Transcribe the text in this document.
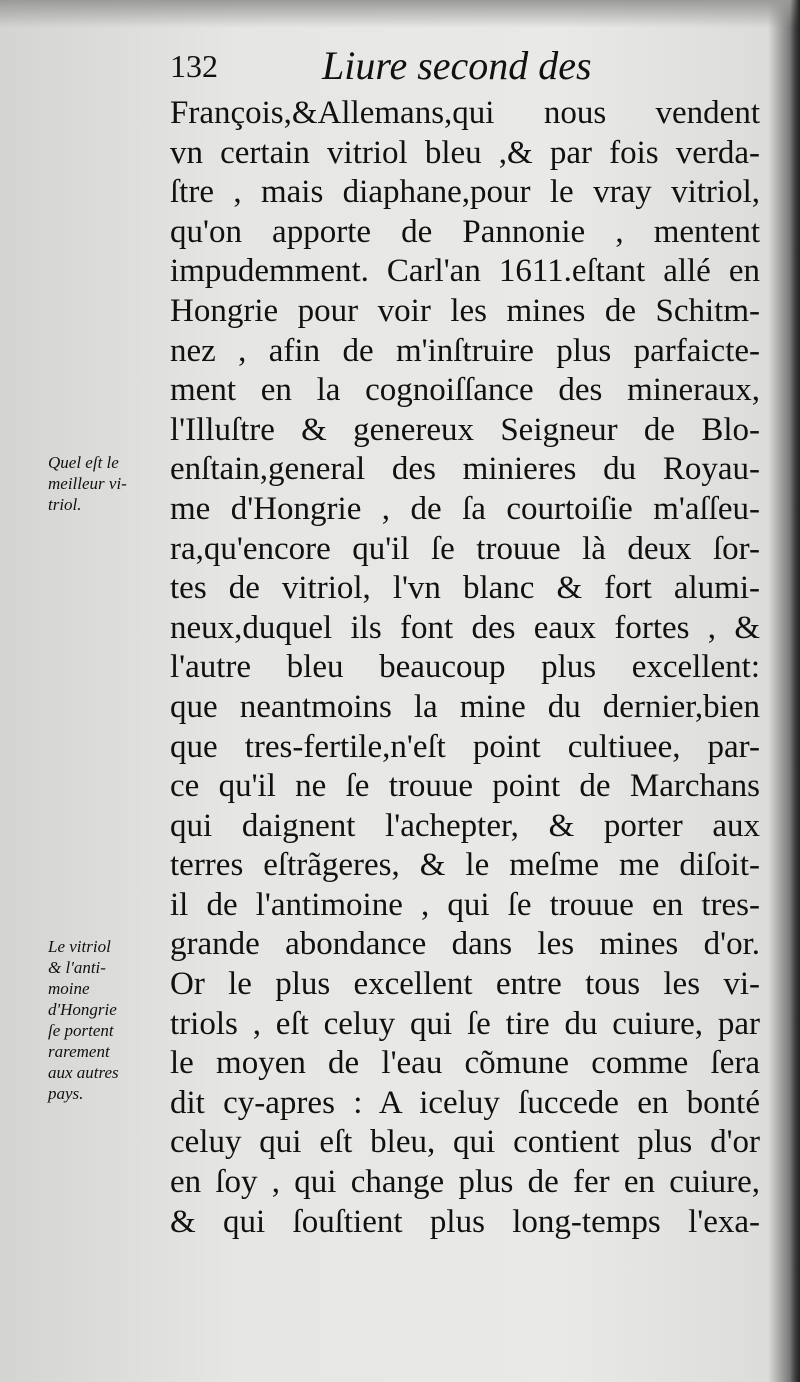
132	Liure second des
François,&Allemans,qui nous vendent
vn certain vitriol bleu ,& par fois verda-
ſtre , mais diaphane,pour le vray vitriol,
qu'on apporte de Pannonie , mentent
impudemment. Carl'an 1611.eſtant allé en
Hongrie pour voir les mines de Schitm-
nez , afin de m'inſtruire plus parfaictе-
ment en la cognoiſſance des mineraux,
l'Illuſtre & genereux Seigneur de Blo-
enſtain,general des minieres du Royau-
me d'Hongrie , de ſa courtoiſie m'aſſeu-
ra,qu'encore qu'il ſe trouue là deux ſor-
tes de vitriol, l'vn blanc & fort alumi-
neux,duquel ils font des eaux fortes , &
l'autre bleu beaucoup plus excellent:
que neantmoins la mine du dernier,bien
que tres-fertile,n'eſt point cultiuee, par-
ce qu'il ne ſe trouue point de Marchans
qui daignent l'achepter, & porter aux
terres eſtrãgeres, & le meſme me diſoit-
il de l'antimoine , qui ſe trouue en tres-
grande abondance dans les mines d'or.
Or le plus excellent entre tous les vi-
triols , eſt celuy qui ſe tire du cuiure, par
le moyen de l'eau cõmune comme ſera
dit cy-apres : A iceluy ſuccede en bonté
celuy qui eſt bleu, qui contient plus d'or
en ſoy , qui change plus de fer en cuiure,
& qui ſouſtient plus long-temps l'exa-
Quel eſt le
meilleur vi-
triol.
Le vitriol
& l'anti-
moine
d'Hongrie
ſe portent
rarement
aux autres
pays.
